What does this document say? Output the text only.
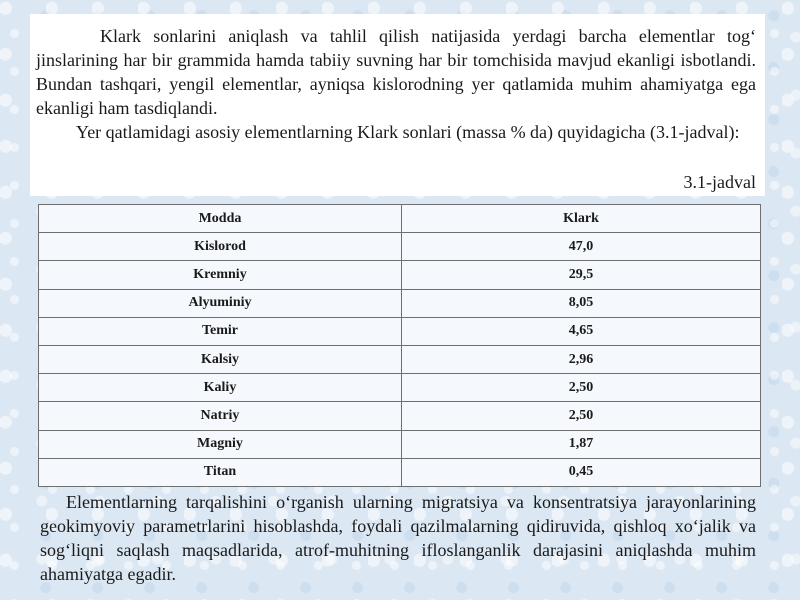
Klark sonlarini aniqlash va tahlil qilish natijasida yerdagi barcha elementlar tog‘ jinslarining har bir grammida hamda tabiiy suvning har bir tomchisida mavjud ekanligi isbotlandi. Bundan tashqari, yengil elementlar, ayniqsa kislorodning yer qatlamida muhim ahamiyatga ega ekanligi ham tasdiqlandi.

Yer qatlamidagi asosiy elementlarning Klark sonlari (massa % da) quyidagicha (3.1-jadval):

3.1-jadval
Modda	Klark
Kislorod	47,0
Kremniy	29,5
Alyuminiy	8,05
Temir	4,65
Kalsiy	2,96
Kaliy	2,50
Natriy	2,50
Magniy	1,87
Titan	0,45

Elementlarning tarqalishini o‘rganish ularning migratsiya va konsentratsiya jarayonlarining geokimyoviy parametrlarini hisoblashda, foydali qazilmalarning qidiruvida, qishloq xo‘jalik va sog‘liqni saqlash maqsadlarida, atrof-muhitning ifloslanganlik darajasini aniqlashda muhim ahamiyatga egadir.
